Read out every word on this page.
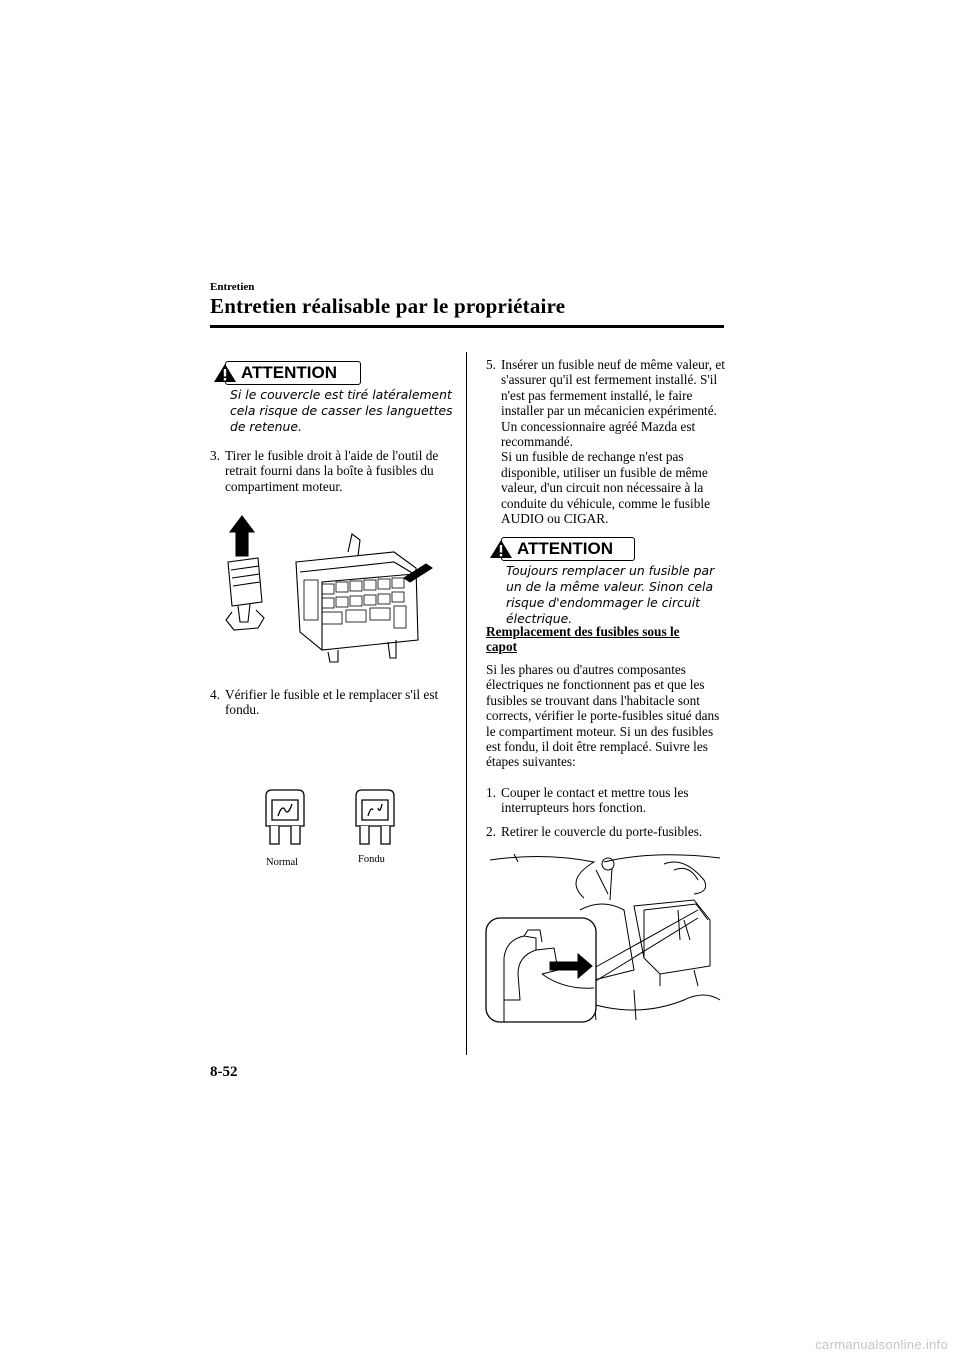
Entretien
Entretien réalisable par le propriétaire
ATTENTION
Si le couvercle est tiré latéralement cela risque de casser les languettes de retenue.
3. Tirer le fusible droit à l'aide de l'outil de retrait fourni dans la boîte à fusibles du compartiment moteur.
4. Vérifier le fusible et le remplacer s'il est fondu.
Normal	Fondu
5. Insérer un fusible neuf de même valeur, et s'assurer qu'il est fermement installé. S'il n'est pas fermement installé, le faire installer par un mécanicien expérimenté. Un concessionnaire agréé Mazda est recommandé.
Si un fusible de rechange n'est pas disponible, utiliser un fusible de même valeur, d'un circuit non nécessaire à la conduite du véhicule, comme le fusible AUDIO ou CIGAR.
ATTENTION
Toujours remplacer un fusible par un de la même valeur. Sinon cela risque d'endommager le circuit électrique.
Remplacement des fusibles sous le capot
Si les phares ou d'autres composantes électriques ne fonctionnent pas et que les fusibles se trouvant dans l'habitacle sont corrects, vérifier le porte-fusibles situé dans le compartiment moteur. Si un des fusibles est fondu, il doit être remplacé. Suivre les étapes suivantes:
1. Couper le contact et mettre tous les interrupteurs hors fonction.
2. Retirer le couvercle du porte-fusibles.
8-52
carmanualsonline.info
